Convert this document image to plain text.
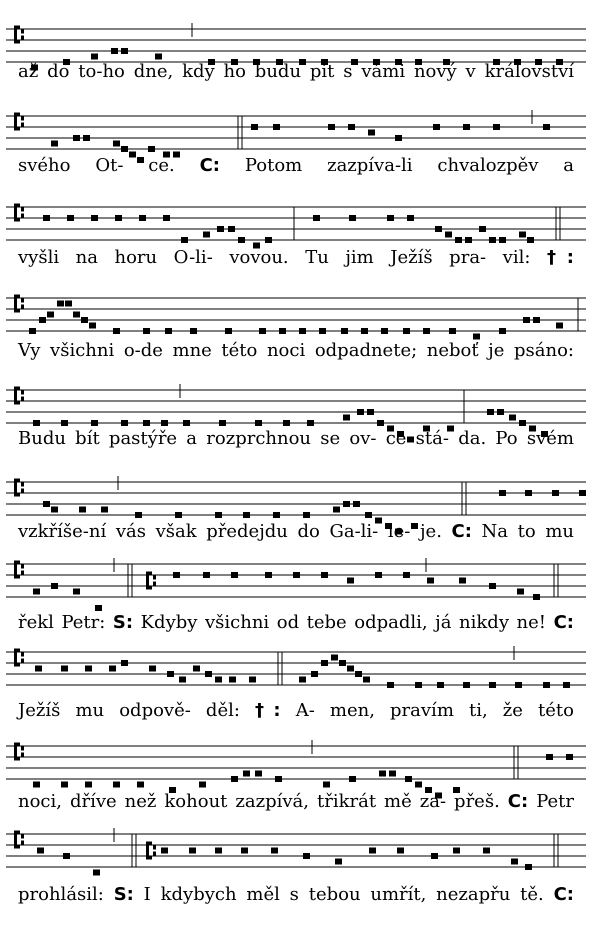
až do to-ho dne, kdy ho budu pít s vámi nový v království
svého Ot- ce. C: Potom zazpíva-li chvalozpěv a
vyšli na horu O-li- vovou. Tu jim Ježíš pra- vil: †:
Vy všichni o-de mne této noci odpadnete; neboť je psáno:
Budu bít pastýře a rozprchnou se ov- ce stá- da. Po svém
vzkříše-ní vás však předejdu do Ga-li- le- je. C: Na to mu
řekl Petr: S: Kdyby všichni od tebe odpadli, já nikdy ne! C:
Ježíš mu odpově- děl: †: A- men, pravím ti, že této
noci, dříve než kohout zazpívá, třikrát mě za- přeš. C: Petr
prohlásil: S: I kdybych měl s tebou umřít, nezapřu tě. C:
